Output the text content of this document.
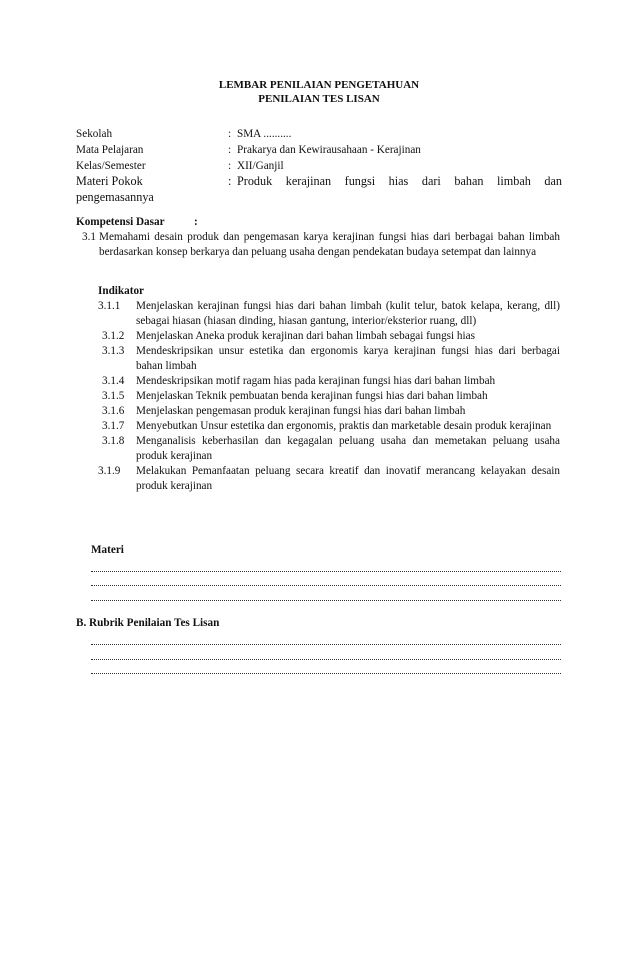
LEMBAR PENILAIAN PENGETAHUAN
PENILAIAN TES LISAN
Sekolah	: SMA ..........
Mata Pelajaran	: Prakarya dan Kewirausahaan - Kerajinan
Kelas/Semester	: XII/Ganjil
Materi Pokok	: Produk kerajinan fungsi hias dari bahan limbah dan
pengemasannya
Kompetensi Dasar	:
3.1 Memahami desain produk dan pengemasan karya kerajinan fungsi hias dari berbagai bahan limbah berdasarkan konsep berkarya dan peluang usaha dengan pendekatan budaya setempat dan lainnya
Indikator
3.1.1 Menjelaskan kerajinan fungsi hias dari bahan limbah (kulit telur, batok kelapa, kerang, dll) sebagai hiasan (hiasan dinding, hiasan gantung, interior/eksterior ruang, dll)
3.1.2 Menjelaskan Aneka produk kerajinan dari bahan limbah sebagai fungsi hias
3.1.3 Mendeskripsikan unsur estetika dan ergonomis karya kerajinan fungsi hias dari berbagai bahan limbah
3.1.4 Mendeskripsikan motif ragam hias pada kerajinan fungsi hias dari bahan limbah
3.1.5 Menjelaskan Teknik pembuatan benda kerajinan fungsi hias dari bahan limbah
3.1.6 Menjelaskan pengemasan produk kerajinan fungsi hias dari bahan limbah
3.1.7 Menyebutkan Unsur estetika dan ergonomis, praktis dan marketable desain produk kerajinan
3.1.8 Menganalisis keberhasilan dan kegagalan peluang usaha dan memetakan peluang usaha produk kerajinan
3.1.9 Melakukan Pemanfaatan peluang secara kreatif dan inovatif merancang kelayakan desain produk kerajinan
Materi
B. Rubrik Penilaian Tes Lisan
